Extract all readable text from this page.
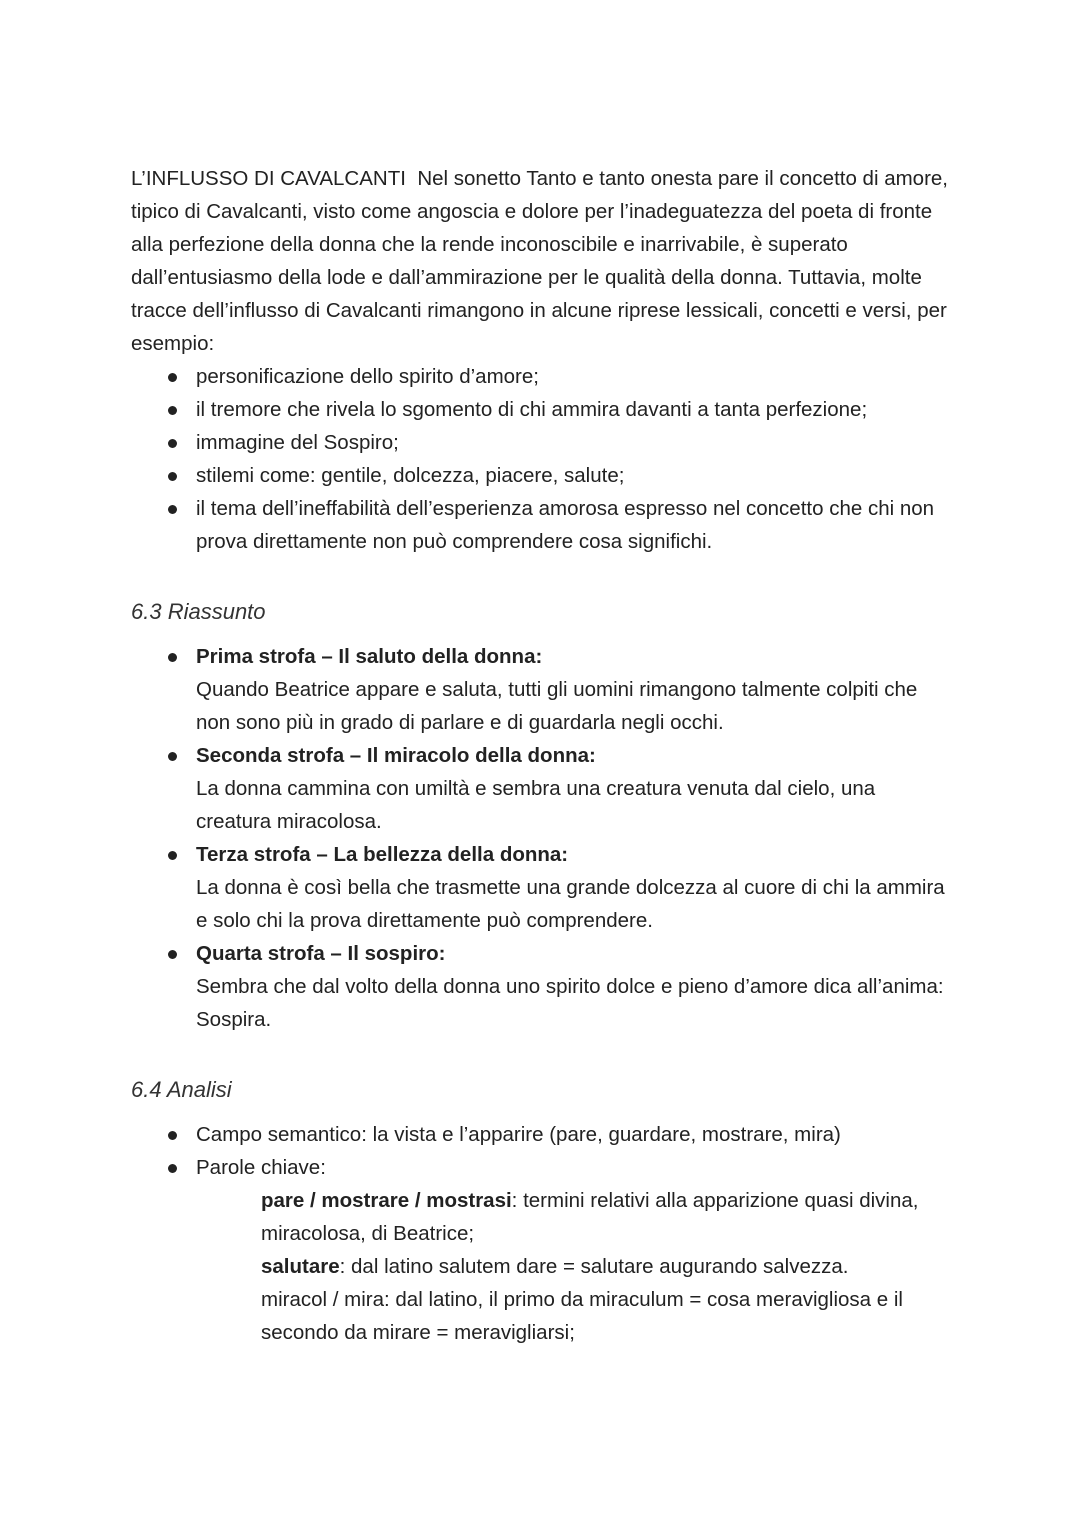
L’INFLUSSO DI CAVALCANTI Nel sonetto Tanto e tanto onesta pare il concetto di amore, tipico di Cavalcanti, visto come angoscia e dolore per l’inadeguatezza del poeta di fronte alla perfezione della donna che la rende inconoscibile e inarrivabile, è superato dall’entusiasmo della lode e dall’ammirazione per le qualità della donna. Tuttavia, molte tracce dell’influsso di Cavalcanti rimangono in alcune riprese lessicali, concetti e versi, per esempio:

personificazione dello spirito d’amore;
il tremore che rivela lo sgomento di chi ammira davanti a tanta perfezione;
immagine del Sospiro;
stilemi come: gentile, dolcezza, piacere, salute;
il tema dell’ineffabilità dell’esperienza amorosa espresso nel concetto che chi non prova direttamente non può comprendere cosa significhi.

6.3 Riassunto

Prima strofa – Il saluto della donna:
Quando Beatrice appare e saluta, tutti gli uomini rimangono talmente colpiti che non sono più in grado di parlare e di guardarla negli occhi.
Seconda strofa – Il miracolo della donna:
La donna cammina con umiltà e sembra una creatura venuta dal cielo, una creatura miracolosa.
Terza strofa – La bellezza della donna:
La donna è così bella che trasmette una grande dolcezza al cuore di chi la ammira e solo chi la prova direttamente può comprendere.
Quarta strofa – Il sospiro:
Sembra che dal volto della donna uno spirito dolce e pieno d’amore dica all’anima: Sospira.

6.4 Analisi

Campo semantico: la vista e l’apparire (pare, guardare, mostrare, mira)
Parole chiave:

pare / mostrare / mostrasi: termini relativi alla apparizione quasi divina, miracolosa, di Beatrice;

salutare: dal latino salutem dare = salutare augurando salvezza.

miracol / mira: dal latino, il primo da miraculum = cosa meravigliosa e il secondo da mirare = meravigliarsi;
